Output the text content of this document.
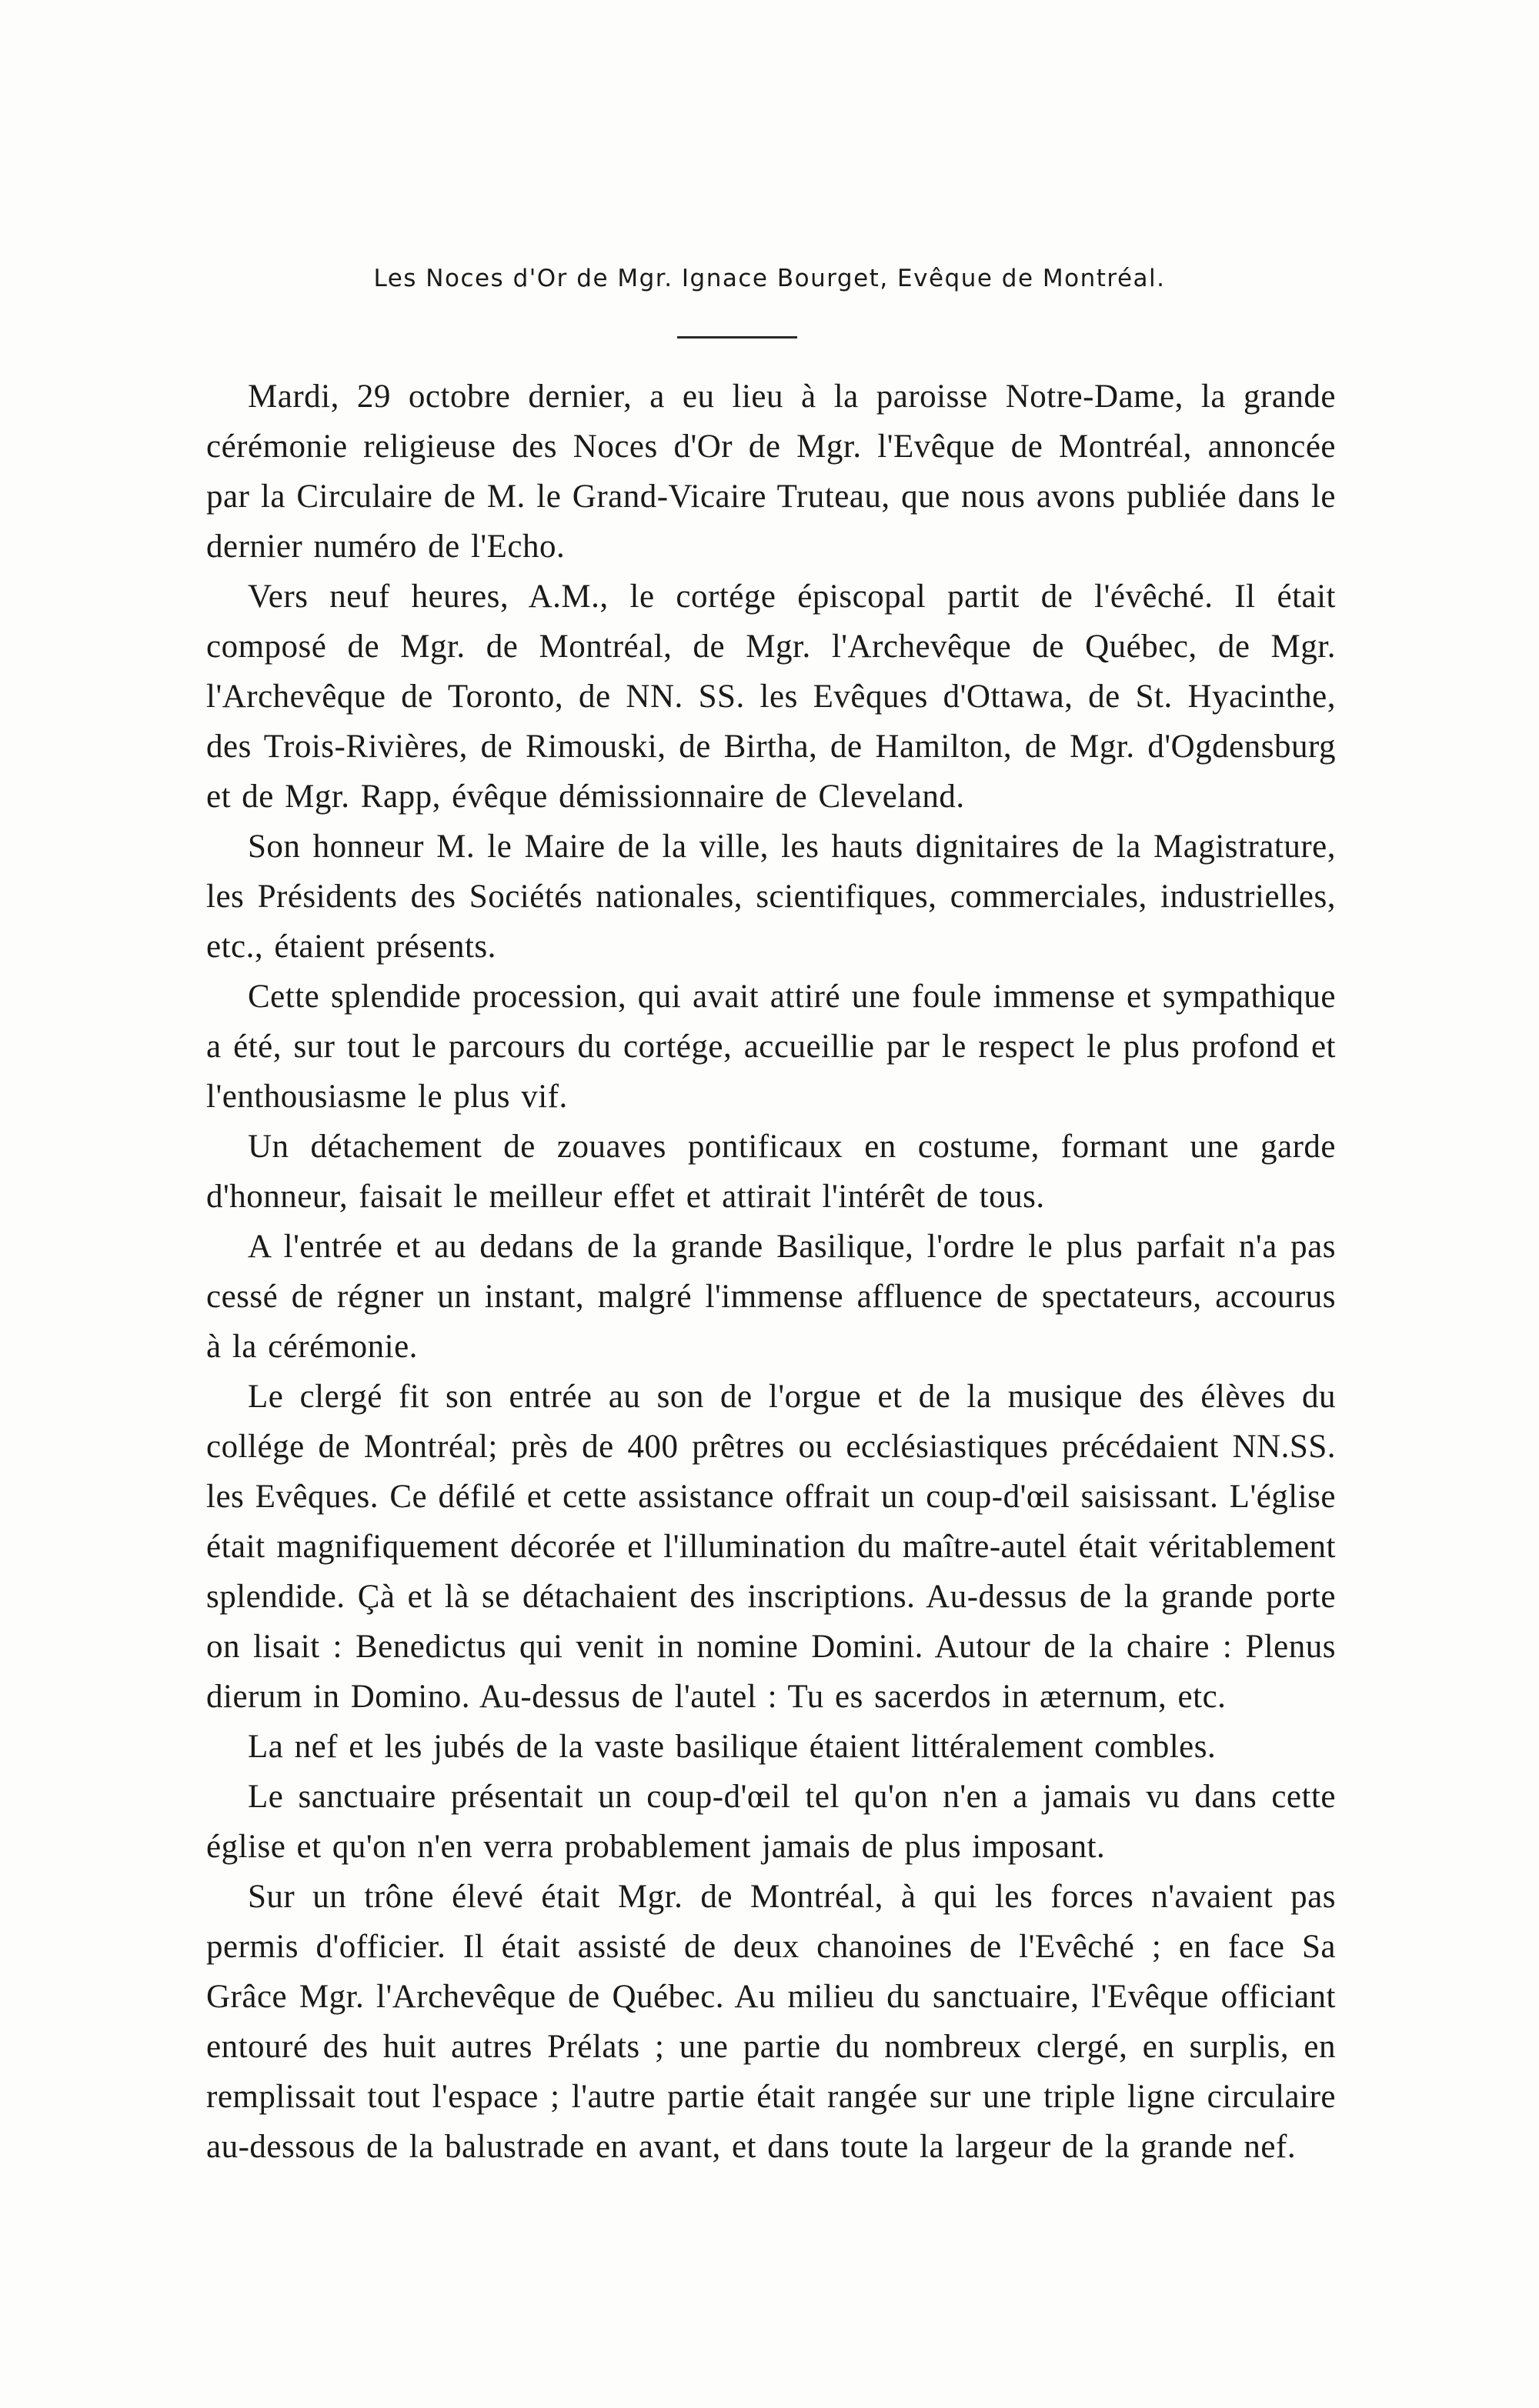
Les Noces d'Or de Mgr. Ignace Bourget, Evêque de Montréal.

Mardi, 29 octobre dernier, a eu lieu à la paroisse Notre-Dame, la grande cérémonie religieuse des Noces d'Or de Mgr. l'Evêque de Montréal, annoncée par la Circulaire de M. le Grand-Vicaire Truteau, que nous avons publiée dans le dernier numéro de l'Echo.

Vers neuf heures, A.M., le cortége épiscopal partit de l'évêché. Il était composé de Mgr. de Montréal, de Mgr. l'Archevêque de Québec, de Mgr. l'Archevêque de Toronto, de NN. SS. les Evêques d'Ottawa, de St. Hyacinthe, des Trois-Rivières, de Rimouski, de Birtha, de Hamilton, de Mgr. d'Ogdensburg et de Mgr. Rapp, évêque démissionnaire de Cleveland.

Son honneur M. le Maire de la ville, les hauts dignitaires de la Magistrature, les Présidents des Sociétés nationales, scientifiques, commerciales, industrielles, etc., étaient présents.

Cette splendide procession, qui avait attiré une foule immense et sympathique a été, sur tout le parcours du cortége, accueillie par le respect le plus profond et l'enthousiasme le plus vif.

Un détachement de zouaves pontificaux en costume, formant une garde d'honneur, faisait le meilleur effet et attirait l'intérêt de tous.

A l'entrée et au dedans de la grande Basilique, l'ordre le plus parfait n'a pas cessé de régner un instant, malgré l'immense affluence de spectateurs, accourus à la cérémonie.

Le clergé fit son entrée au son de l'orgue et de la musique des élèves du collége de Montréal; près de 400 prêtres ou ecclésiastiques précédaient NN.SS. les Evêques. Ce défilé et cette assistance offrait un coup-d'œil saisissant. L'église était magnifiquement décorée et l'illumination du maître-autel était véritablement splendide. Çà et là se détachaient des inscriptions. Au-dessus de la grande porte on lisait : Benedictus qui venit in nomine Domini. Autour de la chaire : Plenus dierum in Domino. Au-dessus de l'autel : Tu es sacerdos in æternum, etc.

La nef et les jubés de la vaste basilique étaient littéralement combles.

Le sanctuaire présentait un coup-d'œil tel qu'on n'en a jamais vu dans cette église et qu'on n'en verra probablement jamais de plus imposant.

Sur un trône élevé était Mgr. de Montréal, à qui les forces n'avaient pas permis d'officier. Il était assisté de deux chanoines de l'Evêché ; en face Sa Grâce Mgr. l'Archevêque de Québec. Au milieu du sanctuaire, l'Evêque officiant entouré des huit autres Prélats ; une partie du nombreux clergé, en surplis, en remplissait tout l'espace ; l'autre partie était rangée sur une triple ligne circulaire au-dessous de la balustrade en avant, et dans toute la largeur de la grande nef.
